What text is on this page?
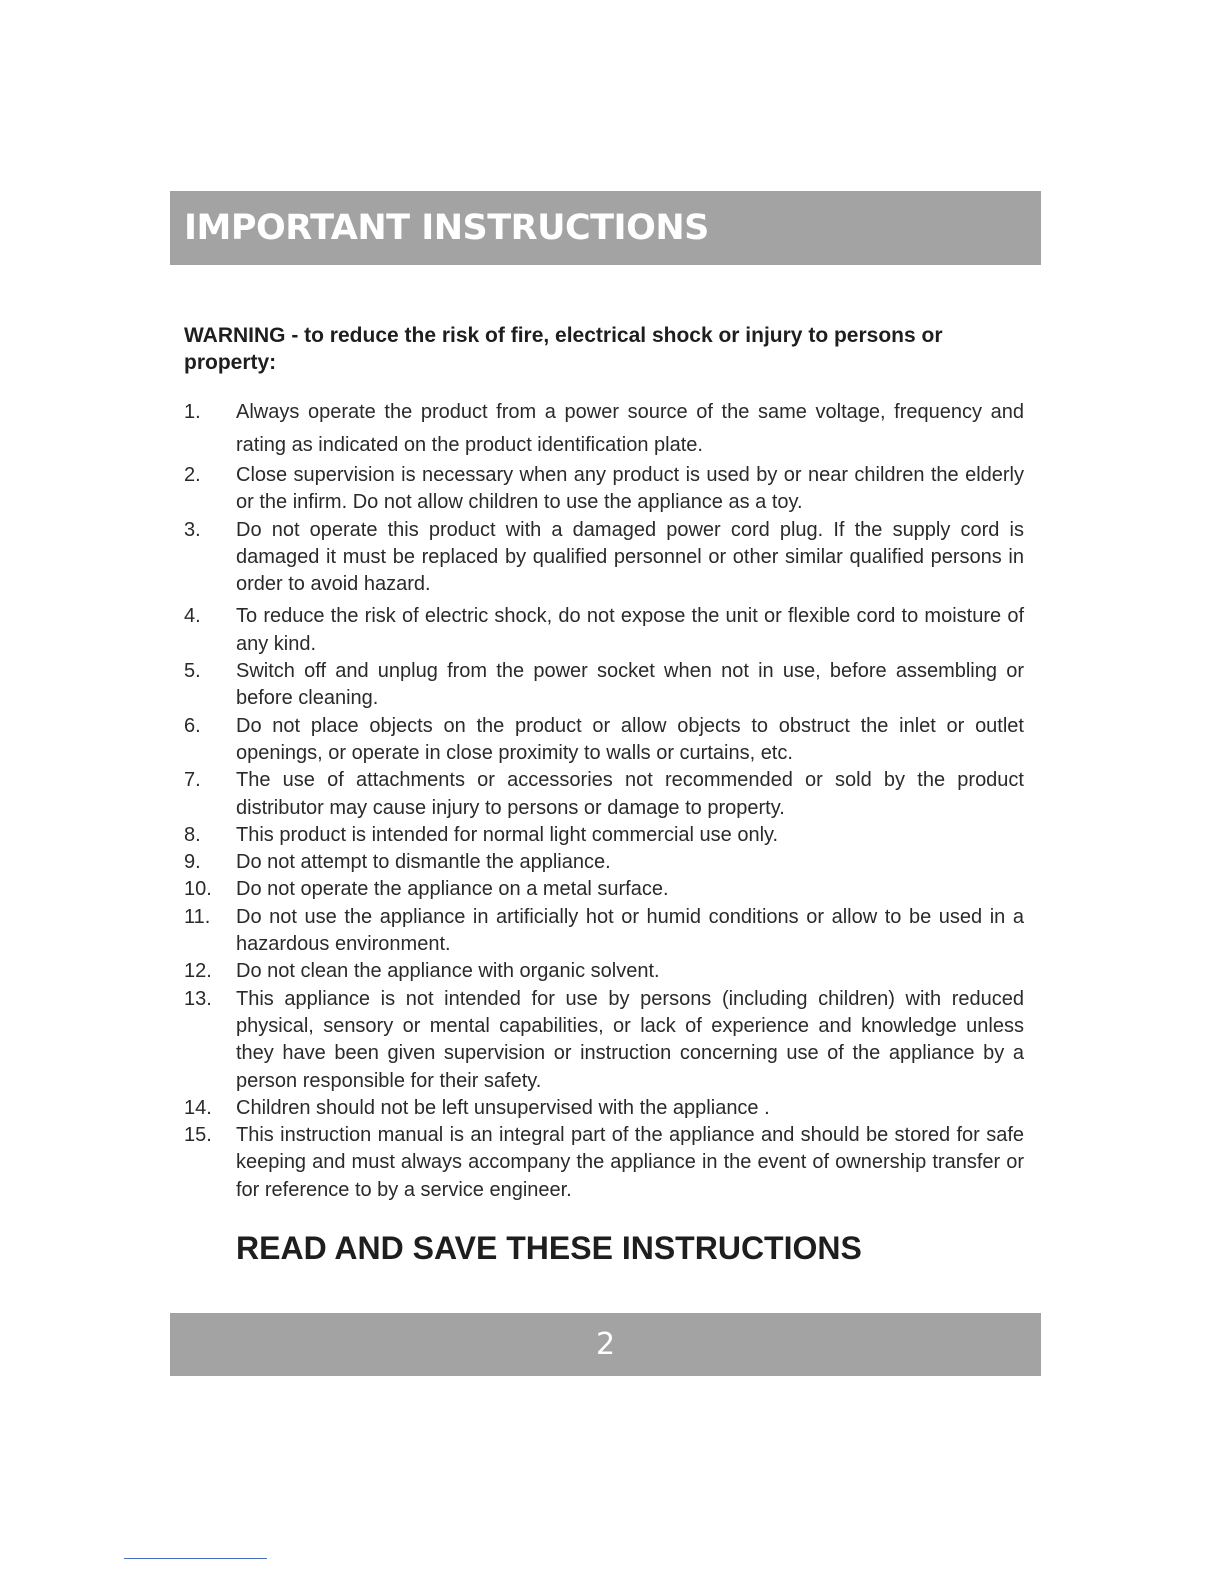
IMPORTANT INSTRUCTIONS

WARNING - to reduce the risk of fire, electrical shock or injury to persons or property:

1. Always operate the product from a power source of the same voltage, frequency and rating as indicated on the product identification plate.
2. Close supervision is necessary when any product is used by or near children the elderly or the infirm. Do not allow children to use the appliance as a toy.
3. Do not operate this product with a damaged power cord plug. If the supply cord is damaged it must be replaced by qualified personnel or other similar qualified persons in order to avoid hazard.
4. To reduce the risk of electric shock, do not expose the unit or flexible cord to moisture of any kind.
5. Switch off and unplug from the power socket when not in use, before assembling or before cleaning.
6. Do not place objects on the product or allow objects to obstruct the inlet or outlet openings, or operate in close proximity to walls or curtains, etc.
7. The use of attachments or accessories not recommended or sold by the product distributor may cause injury to persons or damage to property.
8. This product is intended for normal light commercial use only.
9. Do not attempt to dismantle the appliance.
10. Do not operate the appliance on a metal surface.
11. Do not use the appliance in artificially hot or humid conditions or allow to be used in a hazardous environment.
12. Do not clean the appliance with organic solvent.
13. This appliance is not intended for use by persons (including children) with reduced physical, sensory or mental capabilities, or lack of experience and knowledge unless they have been given supervision or instruction concerning use of the appliance by a person responsible for their safety.
14. Children should not be left unsupervised with the appliance .
15. This instruction manual is an integral part of the appliance and should be stored for safe keeping and must always accompany the appliance in the event of ownership transfer or for reference to by a service engineer.
READ AND SAVE THESE INSTRUCTIONS
2
